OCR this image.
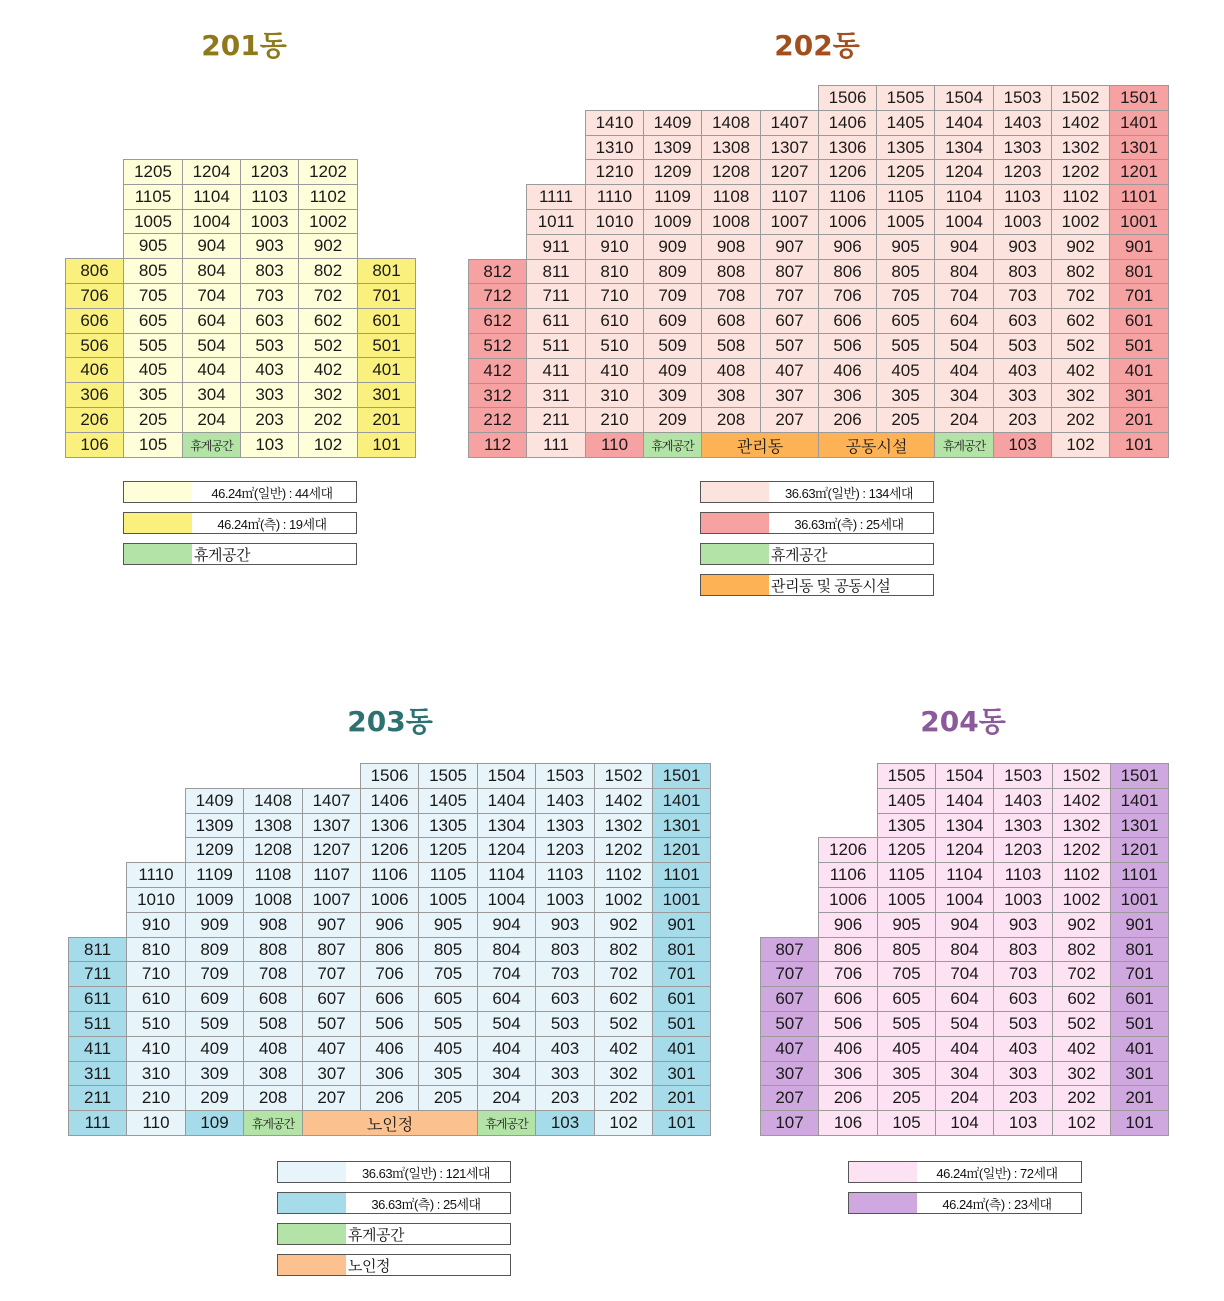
201동	202동
203동	204동
1205	1204	1203	1202
1105	1104	1103	1102
1005	1004	1003	1002
905	904	903	902
806	805	804	803	802	801
706	705	704	703	702	701
606	605	604	603	602	601
506	505	504	503	502	501
406	405	404	403	402	401
306	305	304	303	302	301
206	205	204	203	202	201
106	105	휴게공간	103	102	101
1506	1505	1504	1503	1502	1501
1410	1409	1408	1407	1406	1405	1404	1403	1402	1401
1310	1309	1308	1307	1306	1305	1304	1303	1302	1301
1210	1209	1208	1207	1206	1205	1204	1203	1202	1201
1111	1110	1109	1108	1107	1106	1105	1104	1103	1102	1101
1011	1010	1009	1008	1007	1006	1005	1004	1003	1002	1001
911	910	909	908	907	906	905	904	903	902	901
812	811	810	809	808	807	806	805	804	803	802	801
712	711	710	709	708	707	706	705	704	703	702	701
612	611	610	609	608	607	606	605	604	603	602	601
512	511	510	509	508	507	506	505	504	503	502	501
412	411	410	409	408	407	406	405	404	403	402	401
312	311	310	309	308	307	306	305	304	303	302	301
212	211	210	209	208	207	206	205	204	203	202	201
112	111	110	휴게공간	관리동	공동시설	휴게공간	103	102	101
1506	1505	1504	1503	1502	1501
1409	1408	1407	1406	1405	1404	1403	1402	1401
1309	1308	1307	1306	1305	1304	1303	1302	1301
1209	1208	1207	1206	1205	1204	1203	1202	1201
1110	1109	1108	1107	1106	1105	1104	1103	1102	1101
1010	1009	1008	1007	1006	1005	1004	1003	1002	1001
910	909	908	907	906	905	904	903	902	901
811	810	809	808	807	806	805	804	803	802	801
711	710	709	708	707	706	705	704	703	702	701
611	610	609	608	607	606	605	604	603	602	601
511	510	509	508	507	506	505	504	503	502	501
411	410	409	408	407	406	405	404	403	402	401
311	310	309	308	307	306	305	304	303	302	301
211	210	209	208	207	206	205	204	203	202	201
111	110	109	휴게공간	노인정	휴게공간	103	102	101
1505	1504	1503	1502	1501
1405	1404	1403	1402	1401
1305	1304	1303	1302	1301
1206	1205	1204	1203	1202	1201
1106	1105	1104	1103	1102	1101
1006	1005	1004	1003	1002	1001
906	905	904	903	902	901
807	806	805	804	803	802	801
707	706	705	704	703	702	701
607	606	605	604	603	602	601
507	506	505	504	503	502	501
407	406	405	404	403	402	401
307	306	305	304	303	302	301
207	206	205	204	203	202	201
107	106	105	104	103	102	101
46.24㎡(일반) : 44세대
46.24㎡(측) : 19세대
휴게공간
36.63㎡(일반) : 134세대
36.63㎡(측) : 25세대
휴게공간
관리동 및 공동시설
36.63㎡(일반) : 121세대
36.63㎡(측) : 25세대
휴게공간
노인정
46.24㎡(일반) : 72세대
46.24㎡(측) : 23세대
